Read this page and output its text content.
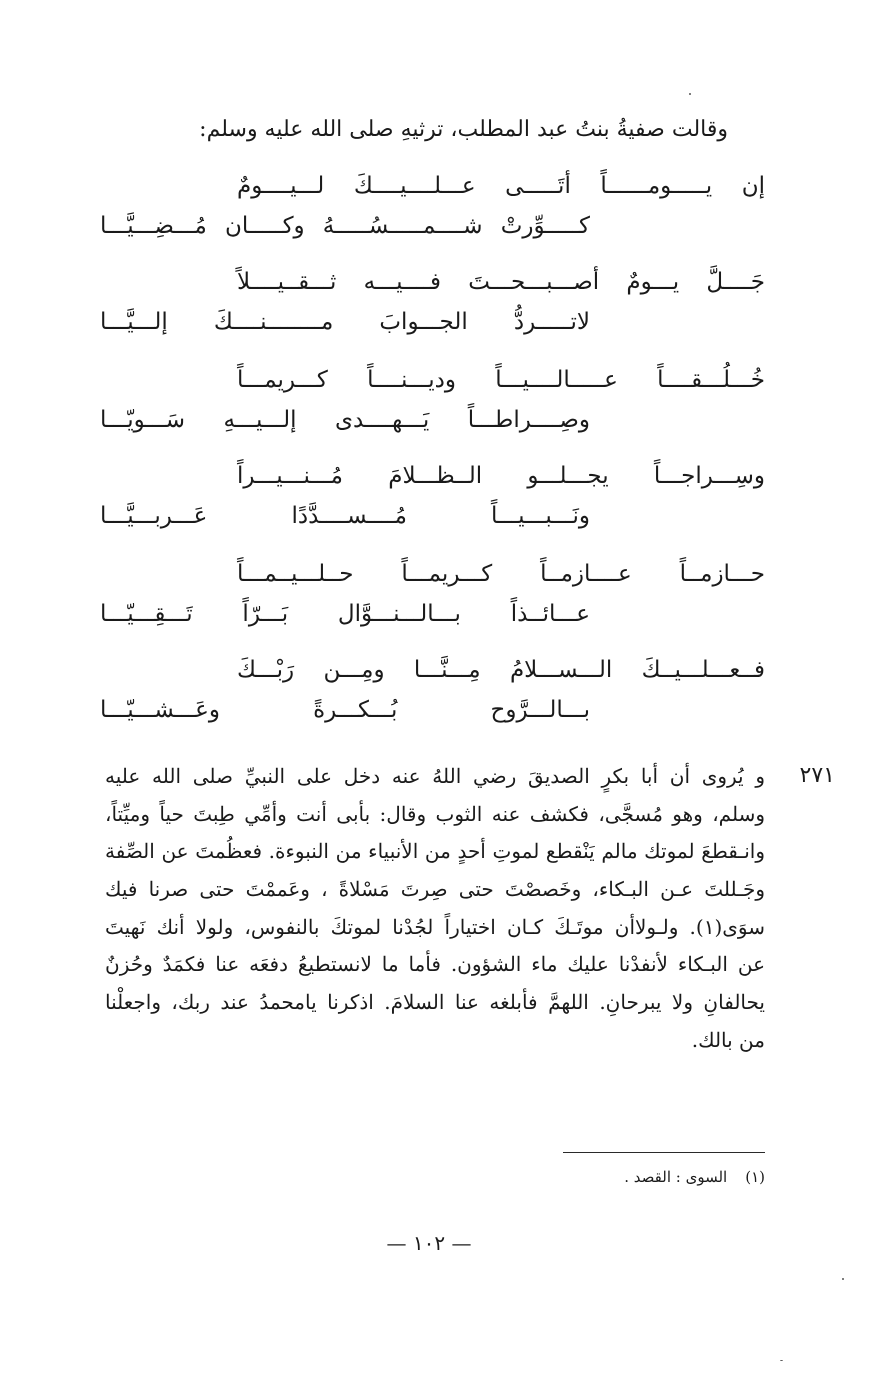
وقالت صفيةُ بنتُ عبد المطلب، ترثيهِ صلى الله عليه وسلم:
إن يـــــومــــــاً أتَـــــى عـــلــــيــــكَ لـــيــــومٌ
كـــــوِّرتْ شــــمـــــسُـــــهُ وكـــــان مُـــضِـــيَّـــا
جَــــلَّ يـــومٌ أصـــبـــحـــتَ فــــيـــه ثـــقــيــــلاً
لاتـــــردُّ الجـــوابَ مــــــــنــــكَ إلـــيَّـــا
خُـــلُـــقــــاً عـــــالــــيـــاً وديـــنــــاً كـــريمـــاً
وصِــــراطـــاً يَـــهــــدى إلـــيـــهِ سَـــويّـــا
وسِـــراجـــاً يجـــلـــو الــظـــلامَ مُـــنـــيـــراً
ونَـــبـــيـــاً مُــــســــدَّدًا عَـــربـــيَّـــا
حـــازمــاً عــــازمــاً كـــريمـــاً حــلـــيــمـــاً
عـــائــذاً بـــالـــنـــوَّال بَـــرّاً تَـــقِـــيّـــا
فــعـــلـــيــكَ الـــســـلامُ مِـــنَّـــا ومِـــن رَبْـــكَ
بـــالـــرَّوح بُـــكـــرةً وعَـــشـــيّـــا
٢٧١
و يُروى أن أبا بكرٍ الصديقَ رضي اللهُ عنه دخل على النبيِّ صلى الله عليه
وسلم، وهو مُسجَّى، فكشف عنه الثوب وقال: بأبى أنت وأمِّي طِبتَ حياً وميِّتاً،
وانـقطعَ لموتك مالم يَنْقطع لموتِ أحدٍ من الأنبياء من النبوءة. فعظُمتَ عن الصِّفة
وجَـللتَ عـن البـكاء، وخَصصْتَ حتى صِرتَ مَسْلاةً ، وعَممْتَ حتى صرنا فيك
سوَى(١). ولـولاأن موتَـكَ كـان اختياراً لجُدْنا لموتكَ بالنفوس، ولولا أنك نَهيتَ
عن البـكاء لأنفدْنا عليك ماء الشؤون. فأما ما لانستطيعُ دفعَه عنا فكمَدٌ وحُزنٌ
يحالفانِ ولا يبرحانِ. اللهمَّ فأبلغه عنا السلامَ. اذكرنا يامحمدُ عند ربك، واجعلْنا
من بالك.
(١)السوى : القصد .
— ١٠٢ —
